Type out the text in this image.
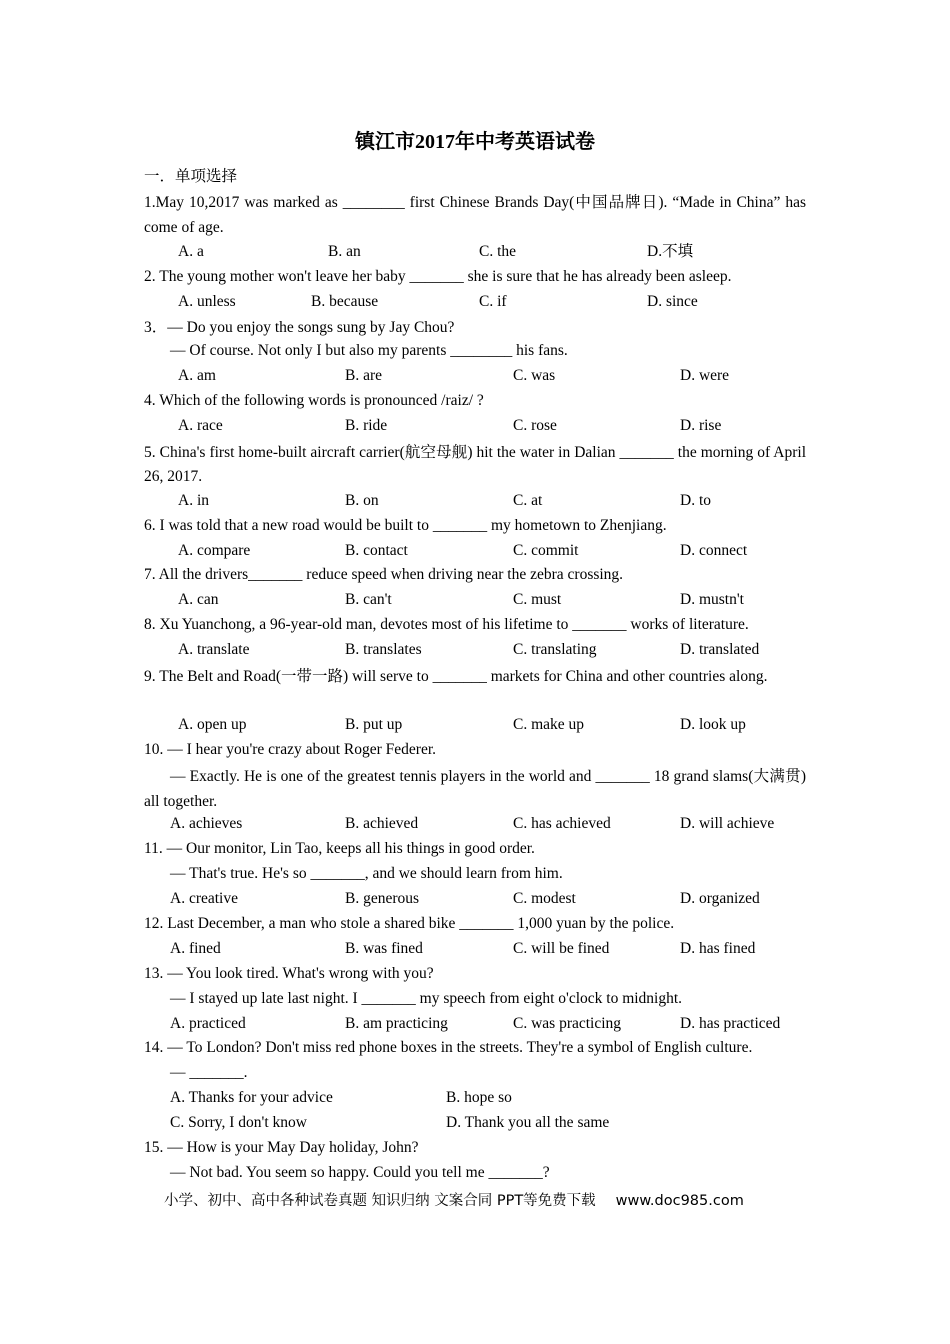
镇江市2017年中考英语试卷
一．单项选择
1.May 10,2017 was marked as ________ first Chinese Brands Day(中国品牌日). “Made in China” has come of age.
A. a	B. an	C. the	D.不填
2. The young mother won't leave her baby _______ she is sure that he has already been asleep.
A. unless	B. because	C. if	D. since
3．— Do you enjoy the songs sung by Jay Chou?
— Of course. Not only I but also my parents ________ his fans.
A. am	B. are	C. was	D. were
4. Which of the following words is pronounced /raiz/ ?
A. race	B. ride	C. rose	D. rise
5. China's first home-built aircraft carrier(航空母舰) hit the water in Dalian _______ the morning of April 26, 2017.
A. in	B. on	C. at	D. to
6. I was told that a new road would be built to _______ my hometown to Zhenjiang.
A. compare	B. contact	C. commit	D. connect
7. All the drivers_______ reduce speed when driving near the zebra crossing.
A. can	B. can't	C. must	D. mustn't
8. Xu Yuanchong, a 96-year-old man, devotes most of his lifetime to _______ works of literature.
A. translate	B. translates	C. translating	D. translated
9. The Belt and Road(一带一路) will serve to _______ markets for China and other countries along.
A. open up	B. put up	C. make up	D. look up
10. — I hear you're crazy about Roger Federer.
— Exactly. He is one of the greatest tennis players in the world and _______ 18 grand slams(大满贯) all together.
A. achieves	B. achieved	C. has achieved	D. will achieve
11. — Our monitor, Lin Tao, keeps all his things in good order.
— That's true. He's so _______, and we should learn from him.
A. creative	B. generous	C. modest	D. organized
12. Last December, a man who stole a shared bike _______ 1,000 yuan by the police.
A. fined	B. was fined	C. will be fined	D. has fined
13. — You look tired. What's wrong with you?
— I stayed up late last night. I _______ my speech from eight o'clock to midnight.
A. practiced	B. am practicing	C. was practicing	D. has practiced
14. — To London? Don't miss red phone boxes in the streets. They're a symbol of English culture.
— _______.
A. Thanks for your advice	B. hope so
C. Sorry, I don't know	D. Thank you all the same
15. — How is your May Day holiday, John?
— Not bad. You seem so happy. Could you tell me _______?
小学、初中、高中各种试卷真题 知识归纳 文案合同 PPT等免费下载 www.doc985.com
